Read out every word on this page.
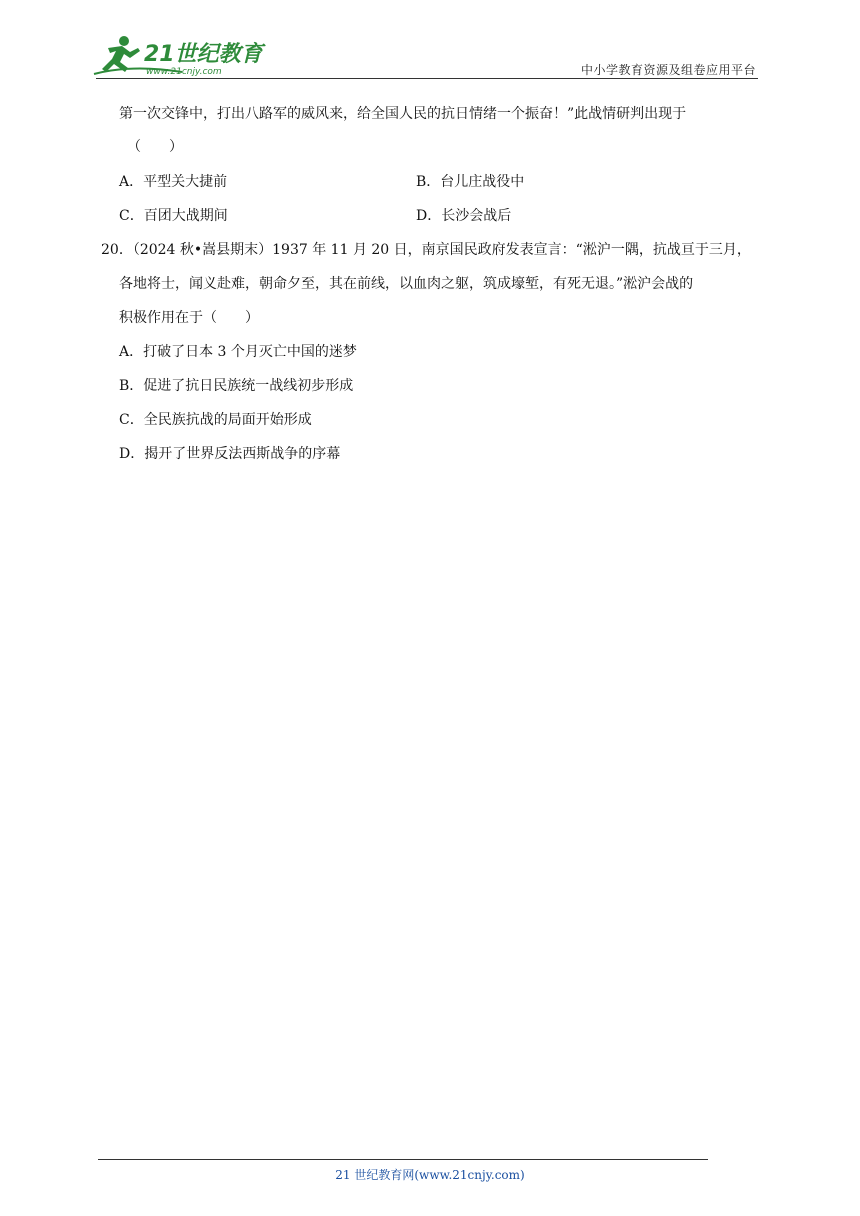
21世纪教育
www.21cnjy.com	中小学教育资源及组卷应用平台
第一次交锋中，打出八路军的威风来，给全国人民的抗日情绪一个振奋！”此战情研判出现于
（　　）
A．平型关大捷前	B．台儿庄战役中
C．百团大战期间	D．长沙会战后
20．（2024 秋•嵩县期末）1937 年 11 月 20 日，南京国民政府发表宣言：“淞沪一隅，抗战亘于三月，
各地将士，闻义赴难，朝命夕至，其在前线，以血肉之躯，筑成壕堑，有死无退。”淞沪会战的
积极作用在于（　　）
A．打破了日本 3 个月灭亡中国的迷梦
B．促进了抗日民族统一战线初步形成
C．全民族抗战的局面开始形成
D．揭开了世界反法西斯战争的序幕
21 世纪教育网(www.21cnjy.com)
